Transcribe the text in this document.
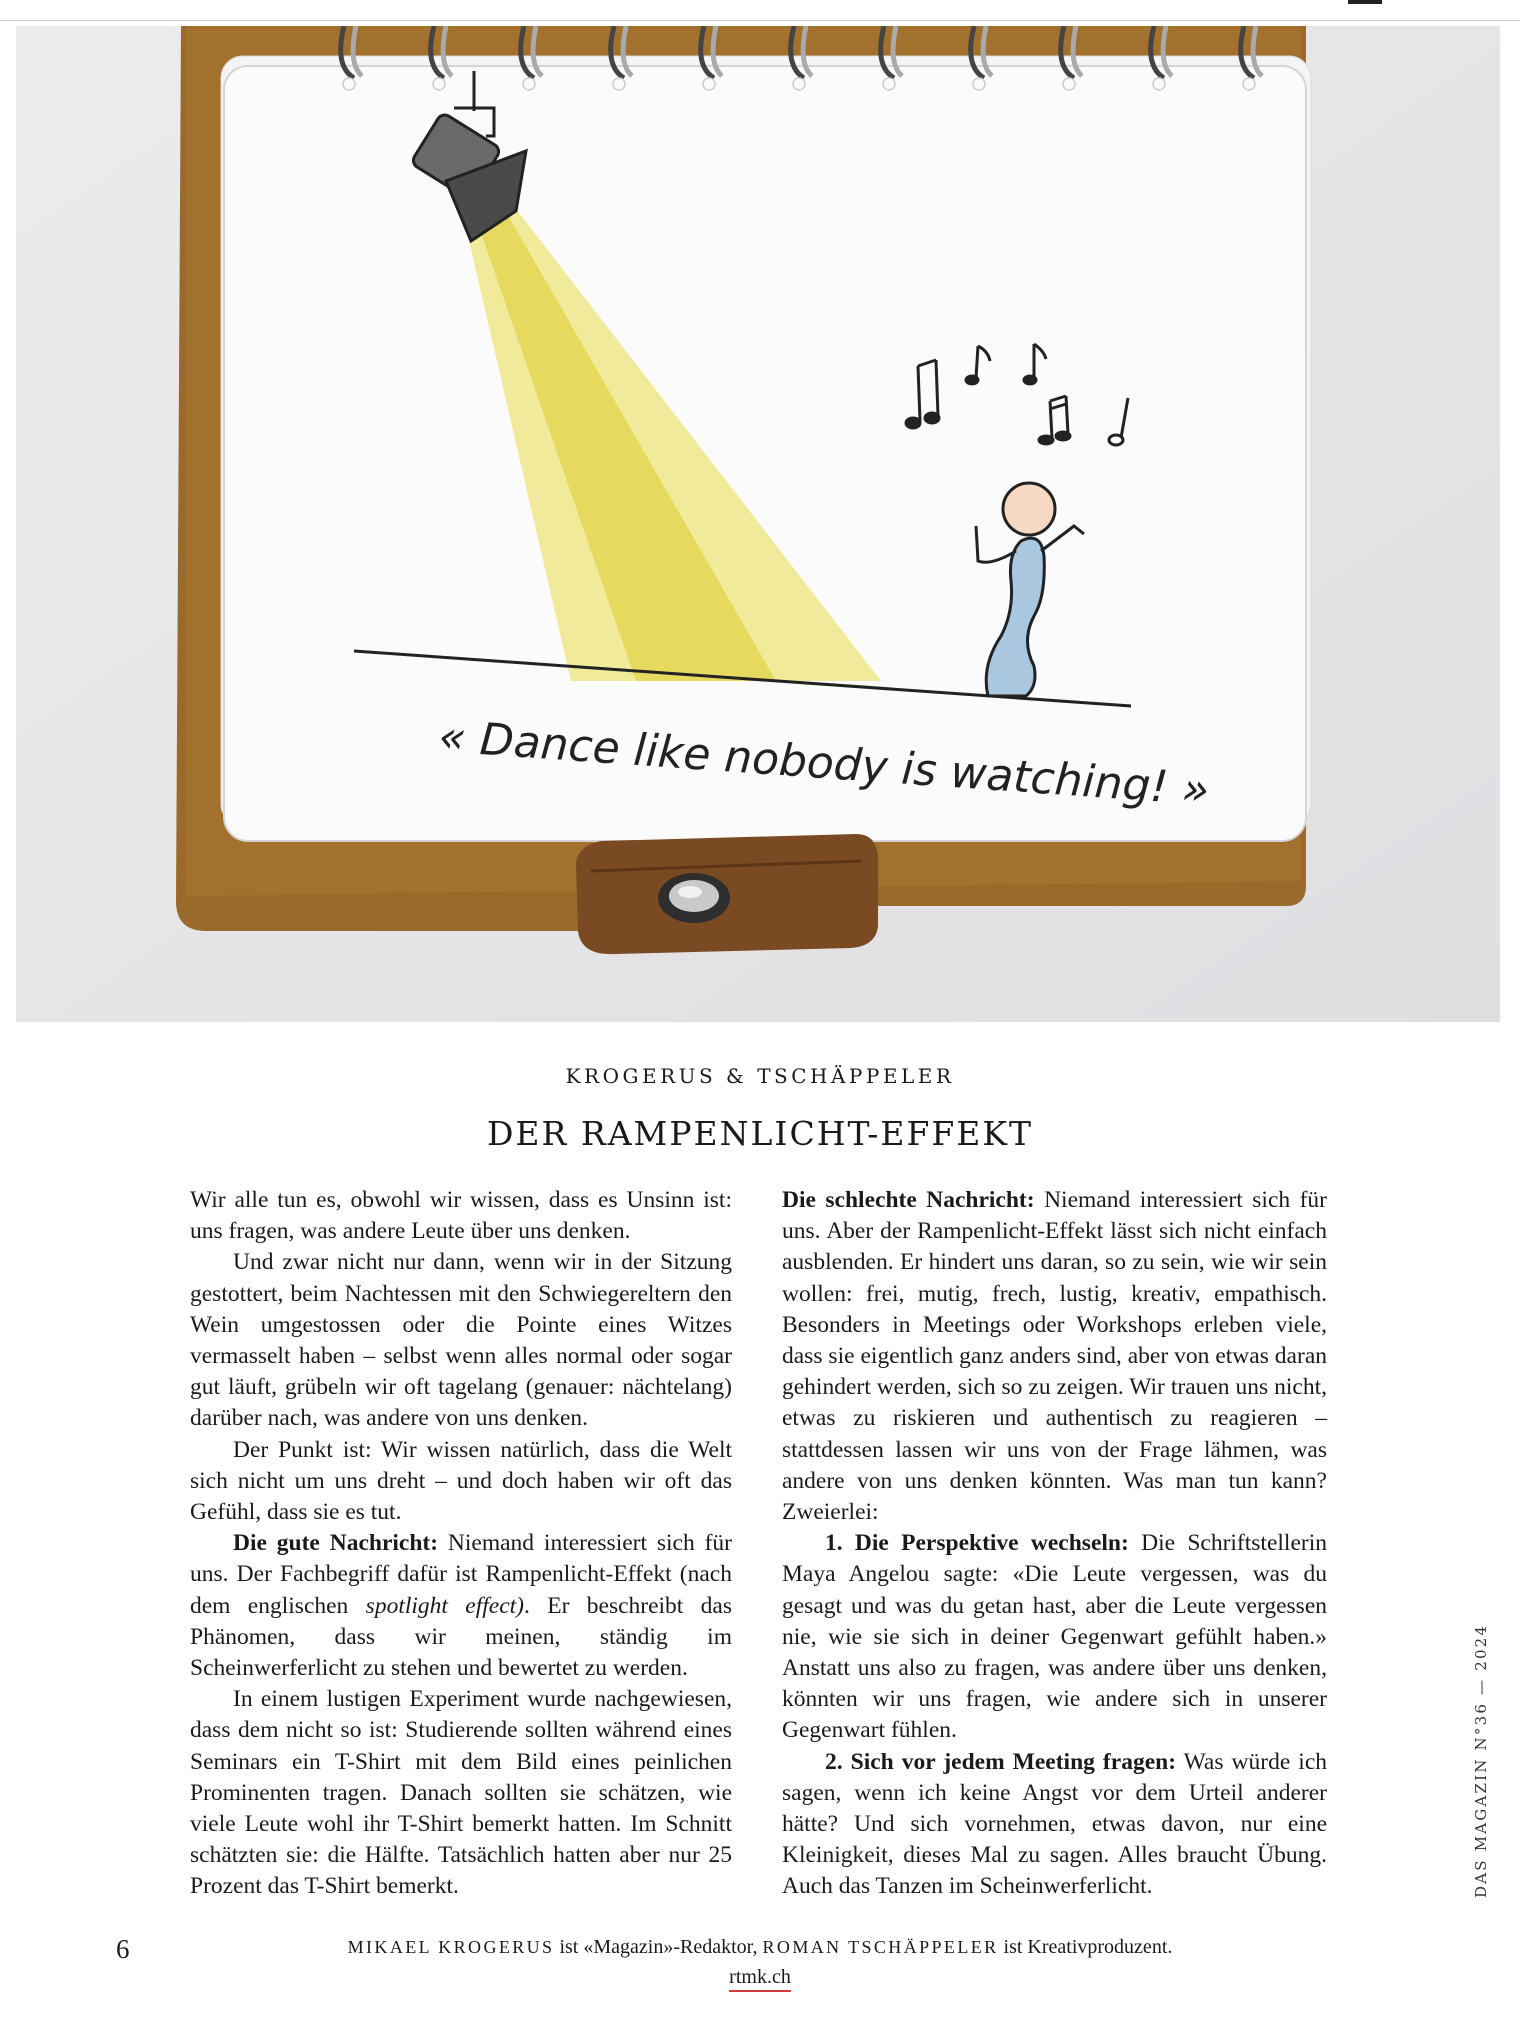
« Dance like nobody is watching! »
KROGERUS & TSCHÄPPELER
DER RAMPENLICHT-EFFEKT

Wir alle tun es, obwohl wir wissen, dass es Unsinn ist: uns fragen, was andere Leute über uns denken.

Und zwar nicht nur dann, wenn wir in der Sitzung gestottert, beim Nachtessen mit den Schwiegereltern den Wein umgestossen oder die Pointe eines Witzes vermasselt haben – selbst wenn alles normal oder sogar gut läuft, grübeln wir oft tagelang (genauer: nächtelang) darüber nach, was andere von uns denken.

Der Punkt ist: Wir wissen natürlich, dass die Welt sich nicht um uns dreht – und doch haben wir oft das Gefühl, dass sie es tut.

Die gute Nachricht: Niemand interessiert sich für uns. Der Fachbegriff dafür ist Rampenlicht-Effekt (nach dem englischen spotlight effect). Er beschreibt das Phänomen, dass wir meinen, ständig im Scheinwerferlicht zu stehen und bewertet zu werden.

In einem lustigen Experiment wurde nachgewiesen, dass dem nicht so ist: Studierende sollten während eines Seminars ein T-Shirt mit dem Bild eines peinlichen Prominenten tragen. Danach sollten sie schätzen, wie viele Leute wohl ihr T-Shirt bemerkt hatten. Im Schnitt schätzten sie: die Hälfte. Tatsächlich hatten aber nur 25 Prozent das T-Shirt bemerkt.

Die schlechte Nachricht: Niemand interessiert sich für uns. Aber der Rampenlicht-Effekt lässt sich nicht einfach ausblenden. Er hindert uns daran, so zu sein, wie wir sein wollen: frei, mutig, frech, lustig, kreativ, empathisch. Besonders in Meetings oder Workshops erleben viele, dass sie eigentlich ganz anders sind, aber von etwas daran gehindert werden, sich so zu zeigen. Wir trauen uns nicht, etwas zu riskieren und authentisch zu reagieren – stattdessen lassen wir uns von der Frage lähmen, was andere von uns denken könnten. Was man tun kann? Zweierlei:

1. Die Perspektive wechseln: Die Schriftstellerin Maya Angelou sagte: «Die Leute vergessen, was du gesagt und was du getan hast, aber die Leute vergessen nie, wie sie sich in deiner Gegenwart gefühlt haben.» Anstatt uns also zu fragen, was andere über uns denken, könnten wir uns fragen, wie andere sich in unserer Gegenwart fühlen.

2. Sich vor jedem Meeting fragen: Was würde ich sagen, wenn ich keine Angst vor dem Urteil anderer hätte? Und sich vornehmen, etwas davon, nur eine Kleinigkeit, dieses Mal zu sagen. Alles braucht Übung. Auch das Tanzen im Scheinwerferlicht.	DAS MAGAZIN N°36 — 2024
6	MIKAEL KROGERUS ist «Magazin»-Redaktor, ROMAN TSCHÄPPELER ist Kreativproduzent.
rtmk.ch
